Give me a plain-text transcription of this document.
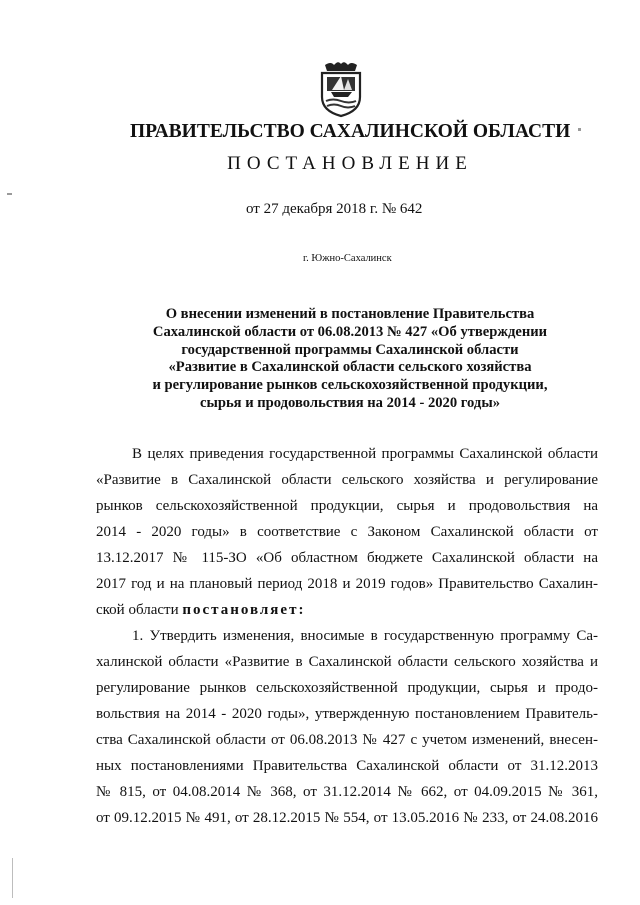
ПРАВИТЕЛЬСТВО САХАЛИНСКОЙ ОБЛАСТИ
ПОСТАНОВЛЕНИЕ
от 27 декабря 2018 г. № 642
г. Южно-Сахалинск
О внесении изменений в постановление Правительства
Сахалинской области от 06.08.2013 № 427 «Об утверждении
государственной программы Сахалинской области
«Развитие в Сахалинской области сельского хозяйства
и регулирование рынков сельскохозяйственной продукции,
сырья и продовольствия на 2014 - 2020 годы»
В целях приведения государственной программы Сахалинской области
«Развитие в Сахалинской области сельского хозяйства и регулирование
рынков сельскохозяйственной продукции, сырья и продовольствия на
2014 - 2020 годы» в соответствие с Законом Сахалинской области от
13.12.2017 № 115-ЗО «Об областном бюджете Сахалинской области на
2017 год и на плановый период 2018 и 2019 годов» Правительство Сахалин-
ской области постановляет:
1. Утвердить изменения, вносимые в государственную программу Са-
халинской области «Развитие в Сахалинской области сельского хозяйства и
регулирование рынков сельскохозяйственной продукции, сырья и продо-
вольствия на 2014 - 2020 годы», утвержденную постановлением Правитель-
ства Сахалинской области от 06.08.2013 № 427 с учетом изменений, внесен-
ных постановлениями Правительства Сахалинской области от 31.12.2013
№ 815, от 04.08.2014 № 368, от 31.12.2014 № 662, от 04.09.2015 № 361,
от 09.12.2015 № 491, от 28.12.2015 № 554, от 13.05.2016 № 233, от 24.08.2016
